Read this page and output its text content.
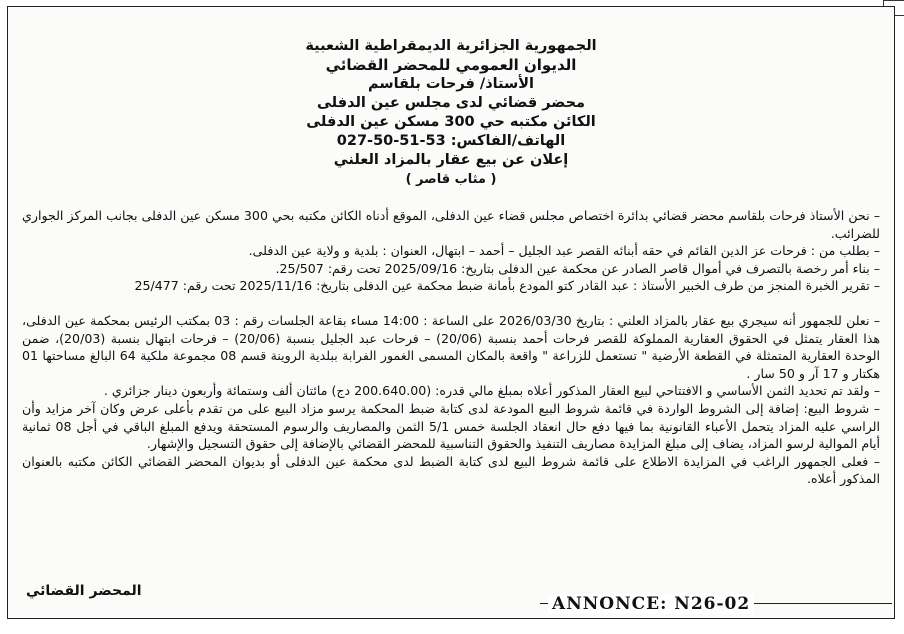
الجمهورية الجزائرية الديمقراطية الشعبية
الديوان العمومي للمحضر القضائي
الأستاذ/ فرحات بلقاسم
محضر قضائي لدى مجلس عين الدفلى
الكائن مكتبه حي 300 مسكن عين الدفلى
الهاتف/الفاكس: 53-51-50-027
إعلان عن بيع عقار بالمزاد العلني
( مثاب قاصر )

– نحن الأستاذ فرحات بلقاسم محضر قضائي بدائرة اختصاص مجلس قضاء عين الدفلى، الموقع أدناه الكائن مكتبه بحي 300 مسكن عين الدفلى بجانب المركز الجواري للضرائب.

– بطلب من : فرحات عز الدين القائم في حقه أبنائه القصر عبد الجليل – أحمد – ابتهال، العنوان : بلدية و ولاية عين الدفلى.

– بناء أمر رخصة بالتصرف في أموال قاصر الصادر عن محكمة عين الدفلى بتاريخ: 2025/09/16 تحت رقم: 25/507.

– تقرير الخبرة المنجز من طرف الخبير الأستاذ : عبد القادر كتو المودع بأمانة ضبط محكمة عين الدفلى بتاريخ: 2025/11/16 تحت رقم: 25/477

– نعلن للجمهور أنه سيجري بيع عقار بالمزاد العلني : بتاريخ 2026/03/30 على الساعة : 14:00 مساء بقاعة الجلسات رقم : 03 بمكتب الرئيس بمحكمة عين الدفلى، هذا العقار يتمثل في الحقوق العقارية المملوكة للقصر فرحات أحمد بنسبة (20/06) – فرحات عبد الجليل بنسبة (20/06) – فرحات ابتهال بنسبة (20/03)، ضمن الوحدة العقارية المتمثلة في القطعة الأرضية " تستعمل للزراعة " واقعة بالمكان المسمى الغمور الفرابة ببلدية الروينة قسم 08 مجموعة ملكية 64 البالغ مساحتها 01 هكتار و 17 آر و 50 سار .

– ولقد تم تحديد الثمن الأساسي و الافتتاحي لبيع العقار المذكور أعلاه بمبلغ مالي قدره: (200.640.00 دج) مائتان ألف وستمائة وأربعون دينار جزائري .

– شروط البيع: إضافة إلى الشروط الواردة في قائمة شروط البيع المودعة لدى كتابة ضبط المحكمة يرسو مزاد البيع على من تقدم بأعلى عرض وكان آخر مزايد وأن الراسي عليه المزاد يتحمل الأعباء القانونية بما فيها دفع حال انعقاد الجلسة خمس 5/1 الثمن والمصاريف والرسوم المستحقة ويدفع المبلغ الباقي في أجل 08 ثمانية أيام الموالية لرسو المزاد، يضاف إلى مبلغ المزايدة مصاريف التنفيذ والحقوق التناسبية للمحضر القضائي بالإضافة إلى حقوق التسجيل والإشهار.

– فعلى الجمهور الراغب في المزايدة الاطلاع على قائمة شروط البيع لدى كتابة الضبط لدى محكمة عين الدفلى أو بديوان المحضر القضائي الكائن مكتبه بالعنوان المذكور أعلاه.

المحضر القضائي
ANNONCE: N26-02
